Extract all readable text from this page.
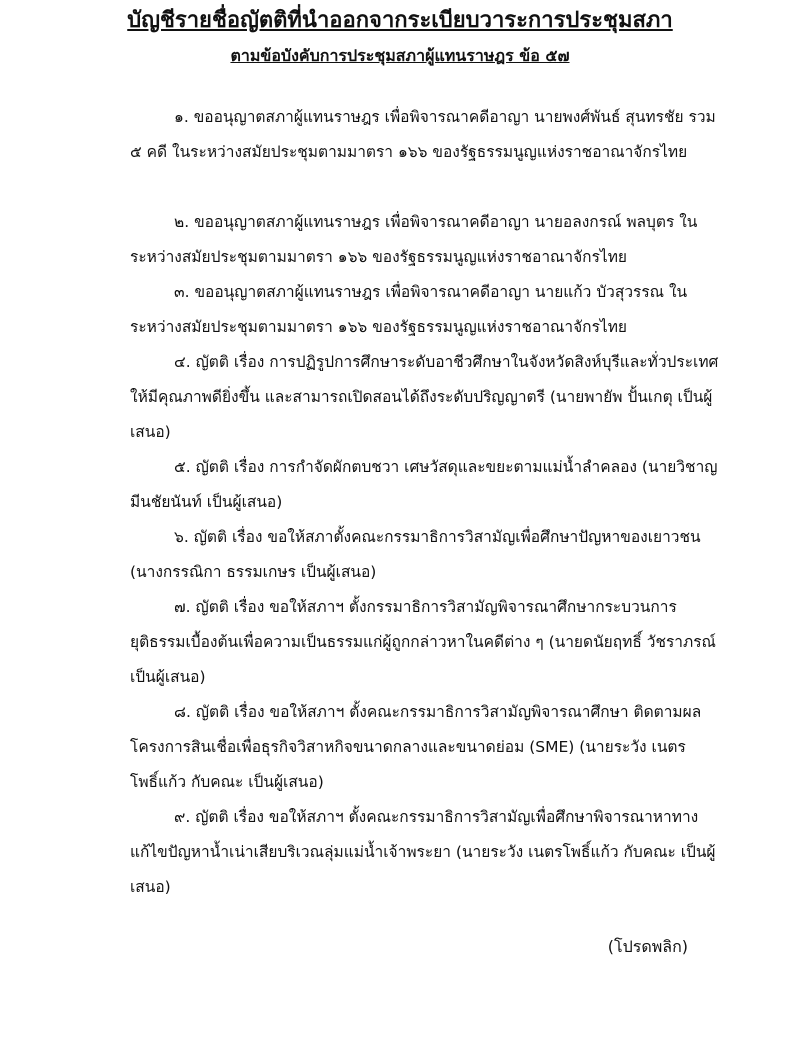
บัญชีรายชื่อญัตติที่นำออกจากระเบียบวาระการประชุมสภา
ตามข้อบังคับการประชุมสภาผู้แทนราษฎร ข้อ ๕๗
๑. ขออนุญาตสภาผู้แทนราษฎร เพื่อพิจารณาคดีอาญา นายพงศ์พันธ์ สุนทรชัย รวม ๕ คดี ในระหว่างสมัยประชุมตามมาตรา ๑๖๖ ของรัฐธรรมนูญแห่งราชอาณาจักรไทย
๒. ขออนุญาตสภาผู้แทนราษฎร เพื่อพิจารณาคดีอาญา นายอลงกรณ์ พลบุตร ในระหว่างสมัยประชุมตามมาตรา ๑๖๖ ของรัฐธรรมนูญแห่งราชอาณาจักรไทย
๓. ขออนุญาตสภาผู้แทนราษฎร เพื่อพิจารณาคดีอาญา นายแก้ว บัวสุวรรณ ในระหว่างสมัยประชุมตามมาตรา ๑๖๖ ของรัฐธรรมนูญแห่งราชอาณาจักรไทย
๔. ญัตติ เรื่อง การปฏิรูปการศึกษาระดับอาชีวศึกษาในจังหวัดสิงห์บุรีและทั่วประเทศให้มีคุณภาพดียิ่งขึ้น และสามารถเปิดสอนได้ถึงระดับปริญญาตรี (นายพายัพ ปั้นเกตุ เป็นผู้เสนอ)
๕. ญัตติ เรื่อง การกำจัดผักตบชวา เศษวัสดุและขยะตามแม่น้ำลำคลอง (นายวิชาญ มีนชัยนันท์ เป็นผู้เสนอ)
๖. ญัตติ เรื่อง ขอให้สภาตั้งคณะกรรมาธิการวิสามัญเพื่อศึกษาปัญหาของเยาวชน (นางกรรณิกา ธรรมเกษร เป็นผู้เสนอ)
๗. ญัตติ เรื่อง ขอให้สภาฯ ตั้งกรรมาธิการวิสามัญพิจารณาศึกษากระบวนการยุติธรรมเบื้องต้นเพื่อความเป็นธรรมแก่ผู้ถูกกล่าวหาในคดีต่าง ๆ (นายดนัยฤทธิ์ วัชราภรณ์ เป็นผู้เสนอ)
๘. ญัตติ เรื่อง ขอให้สภาฯ ตั้งคณะกรรมาธิการวิสามัญพิจารณาศึกษา ติดตามผลโครงการสินเชื่อเพื่อธุรกิจวิสาหกิจขนาดกลางและขนาดย่อม (SME) (นายระวัง เนตรโพธิ์แก้ว กับคณะ เป็นผู้เสนอ)
๙. ญัตติ เรื่อง ขอให้สภาฯ ตั้งคณะกรรมาธิการวิสามัญเพื่อศึกษาพิจารณาหาทางแก้ไขปัญหาน้ำเน่าเสียบริเวณลุ่มแม่น้ำเจ้าพระยา (นายระวัง เนตรโพธิ์แก้ว กับคณะ เป็นผู้เสนอ)
(โปรดพลิก)
